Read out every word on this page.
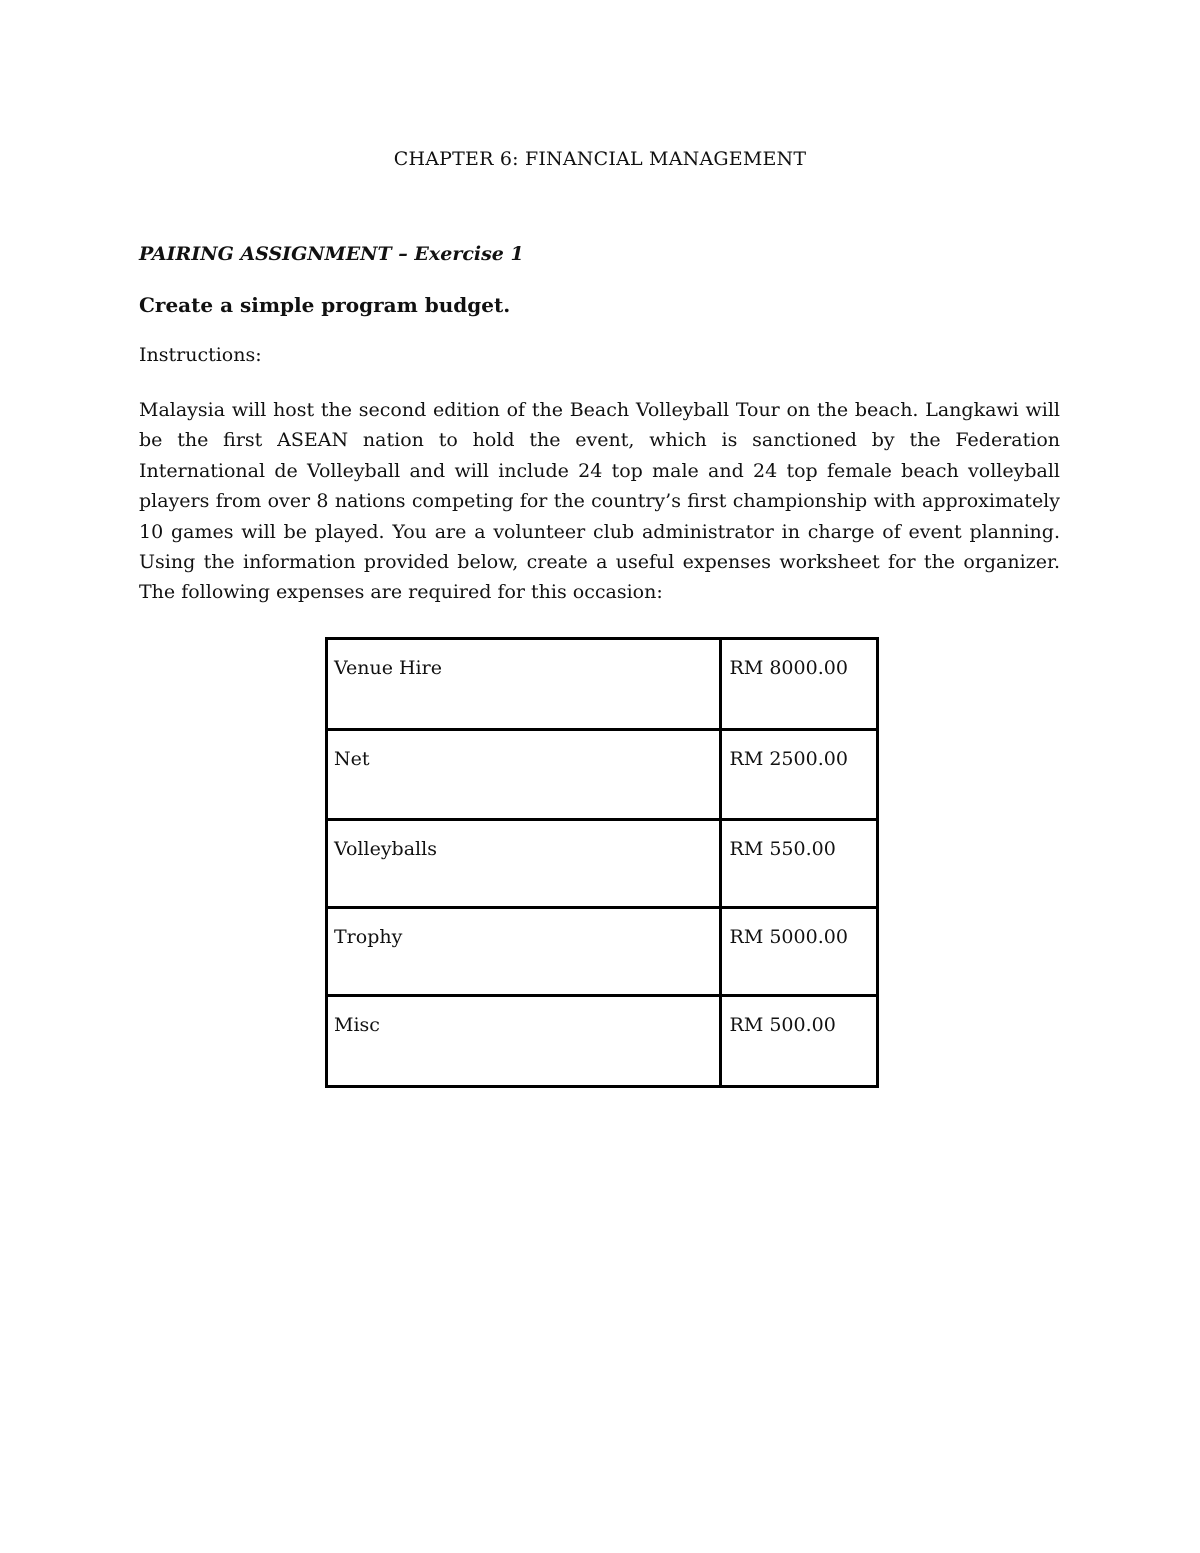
CHAPTER 6: FINANCIAL MANAGEMENT
PAIRING ASSIGNMENT – Exercise 1
Create a simple program budget.

Instructions:

Malaysia will host the second edition of the Beach Volleyball Tour on the beach. Langkawi will be the first ASEAN nation to hold the event, which is sanctioned by the Federation International de Volleyball and will include 24 top male and 24 top female beach volleyball players from over 8 nations competing for the country’s first championship with approximately 10 games will be played. You are a volunteer club administrator in charge of event planning. Using the information provided below, create a useful expenses worksheet for the organizer. The following expenses are required for this occasion:

Venue Hire	RM 8000.00
Net	RM 2500.00
Volleyballs	RM 550.00
Trophy	RM 5000.00
Misc	RM 500.00
